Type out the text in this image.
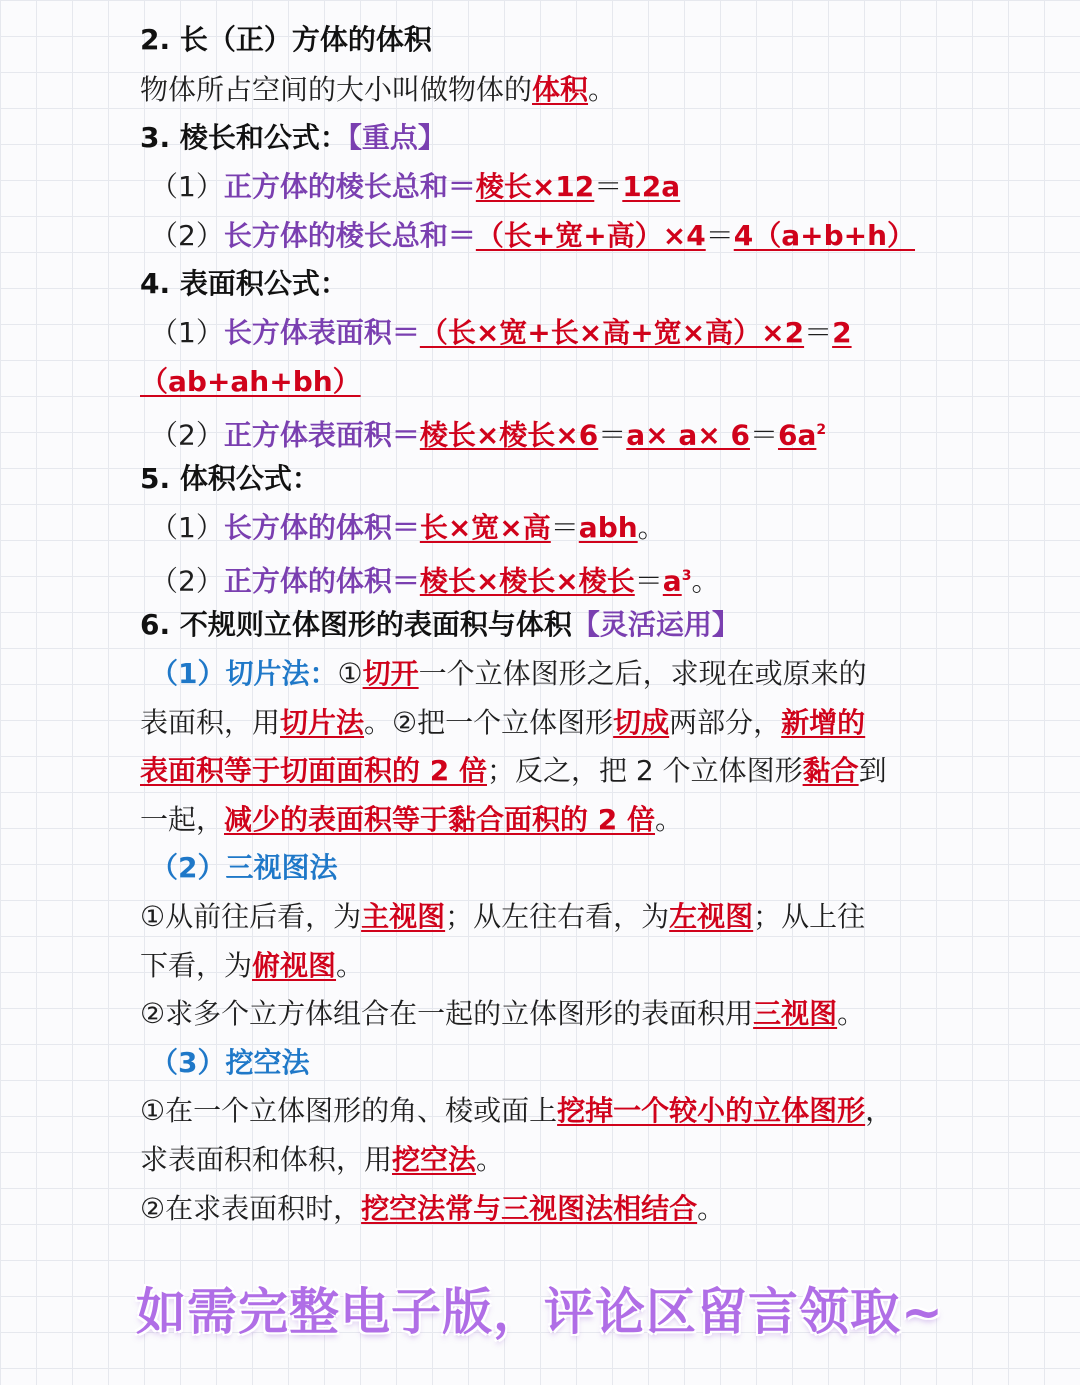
2. 长（正）方体的体积

物体所占空间的大小叫做物体的体积。

3. 棱长和公式：【重点】

（1）正方体的棱长总和＝棱长×12＝12a

（2）长方体的棱长总和＝（长+宽+高）×4＝4（a+b+h）

4. 表面积公式：

（1）长方体表面积＝（长×宽+长×高+宽×高）×2＝2

（ab+ah+bh）

（2）正方体表面积＝棱长×棱长$\times 6=a\times a\times 6=6a^2$

5. 体积公式：

（1）长方体的体积＝长×宽×高＝abh。

（2）正方体的体积＝棱长×棱长×棱长$=a^3$。

6. 不规则立体图形的表面积与体积【灵活运用】

（1）切片法：①切开一个立体图形之后，求现在或原来的

表面积，用切片法。②把一个立体图形切成两部分，新增的

表面积等于切面面积的 2 倍；反之，把 2 个立体图形黏合到

一起，减少的表面积等于黏合面积的 2 倍。

（2）三视图法

①从前往后看，为主视图；从左往右看，为左视图；从上往

下看，为俯视图。

②求多个立方体组合在一起的立体图形的表面积用三视图。

（3）挖空法

①在一个立体图形的角、棱或面上挖掉一个较小的立体图形，

求表面积和体积，用挖空法。

②在求表面积时，挖空法常与三视图法相结合。

如需完整电子版，评论区留言领取~
